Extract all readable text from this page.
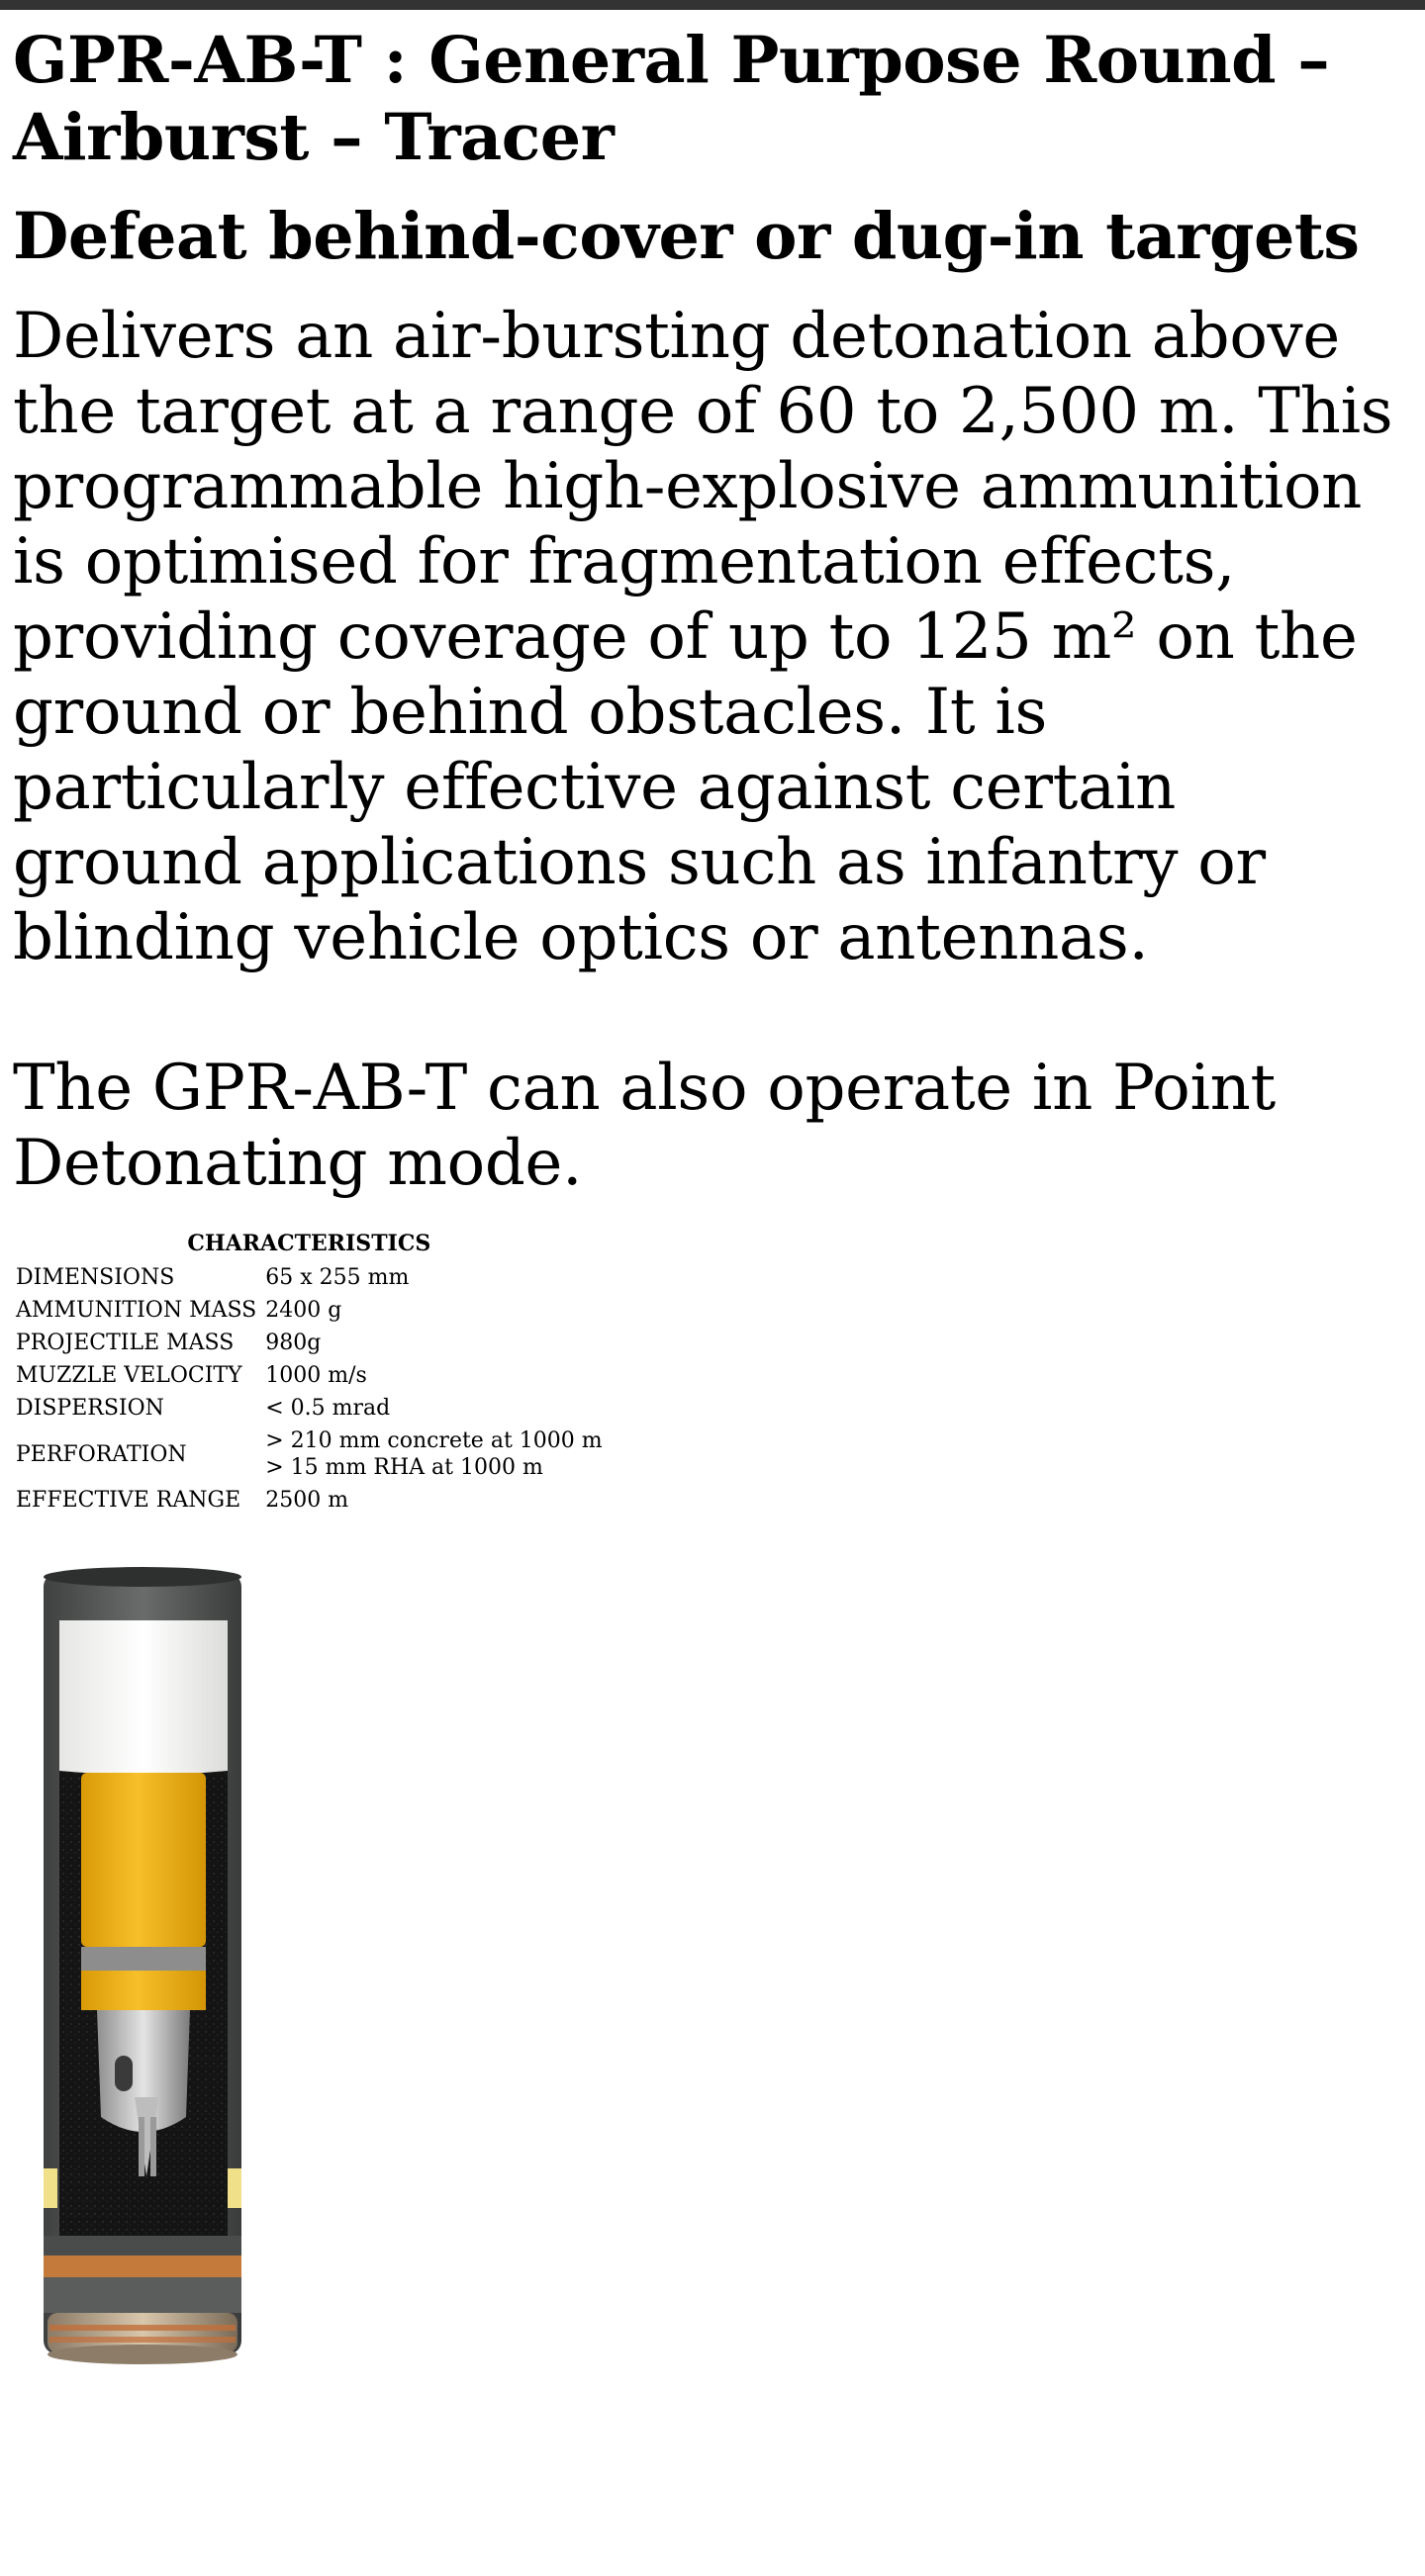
GPR-AB-T : General Purpose Round – Airburst – Tracer
Defeat behind-cover or dug-in targets

Delivers an air-bursting detonation above the target at a range of 60 to 2,500 m. This programmable high-explosive ammunition is optimised for fragmentation effects, providing coverage of up to 125 m² on the ground or behind obstacles. It is particularly effective against certain ground applications such as infantry or blinding vehicle optics or antennas.

The GPR-AB-T can also operate in Point Detonating mode.

CHARACTERISTICS
DIMENSIONS	65 x 255 mm
AMMUNITION MASS	2400 g
PROJECTILE MASS	980g
MUZZLE VELOCITY	1000 m/s
DISPERSION	< 0.5 mrad
PERFORATION	> 210 mm concrete at 1000 m
> 15 mm RHA at 1000 m

EFFECTIVE RANGE	2500 m
